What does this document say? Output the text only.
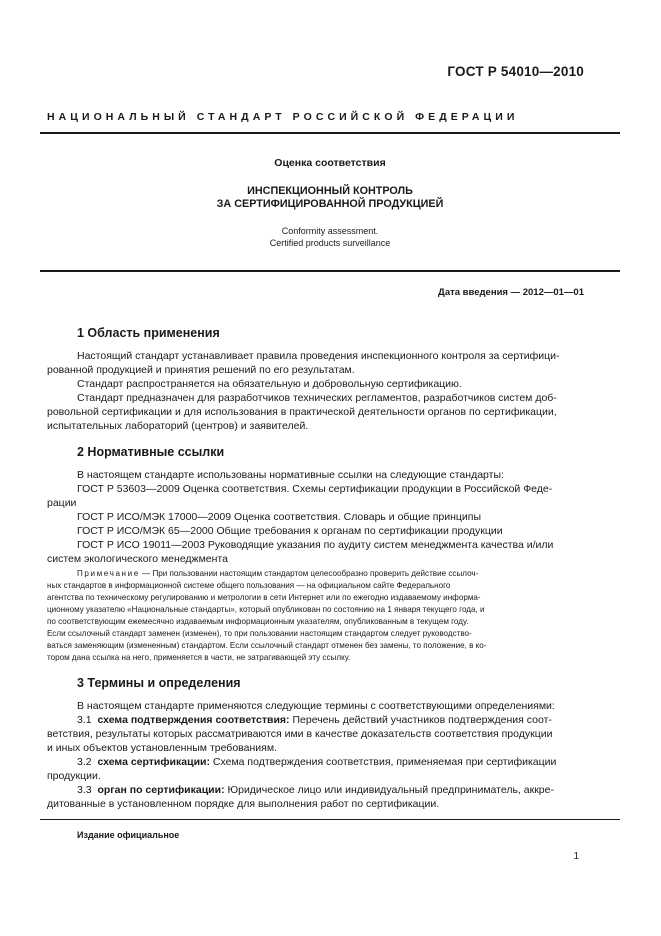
ГОСТ Р 54010—2010
НАЦИОНАЛЬНЫЙ СТАНДАРТ РОССИЙСКОЙ ФЕДЕРАЦИИ
Оценка соответствия
ИНСПЕКЦИОННЫЙ КОНТРОЛЬ
ЗА СЕРТИФИЦИРОВАННОЙ ПРОДУКЦИЕЙ
Conformity assessment.
Certified products surveillance
Дата введения — 2012—01—01
1 Область применения
Настоящий стандарт устанавливает правила проведения инспекционного контроля за сертифици-
рованной продукцией и принятия решений по его результатам.
Стандарт распространяется на обязательную и добровольную сертификацию.
Стандарт предназначен для разработчиков технических регламентов, разработчиков систем доб-
ровольной сертификации и для использования в практической деятельности органов по сертификации,
испытательных лабораторий (центров) и заявителей.
2 Нормативные ссылки
В настоящем стандарте использованы нормативные ссылки на следующие стандарты:
ГОСТ Р 53603—2009 Оценка соответствия. Схемы сертификации продукции в Российской Феде-
рации
ГОСТ Р ИСО/МЭК 17000—2009 Оценка соответствия. Словарь и общие принципы
ГОСТ Р ИСО/МЭК 65—2000 Общие требования к органам по сертификации продукции
ГОСТ Р ИСО 19011—2003 Руководящие указания по аудиту систем менеджмента качества и/или
систем экологического менеджмента
Примечание — При пользовании настоящим стандартом целесообразно проверить действие ссылоч-
ных стандартов в информационной системе общего пользования — на официальном сайте Федерального
агентства по техническому регулированию и метрологии в сети Интернет или по ежегодно издаваемому информа-
ционному указателю «Национальные стандарты», который опубликован по состоянию на 1 января текущего года, и
по соответствующим ежемесячно издаваемым информационным указателям, опубликованным в текущем году.
Если ссылочный стандарт заменен (изменен), то при пользовании настоящим стандартом следует руководство-
ваться заменяющим (измененным) стандартом. Если ссылочный стандарт отменен без замены, то положение, в ко-
тором дана ссылка на него, применяется в части, не затрагивающей эту ссылку.
3 Термины и определения
В настоящем стандарте применяются следующие термины с соответствующими определениями:
3.1 схема подтверждения соответствия: Перечень действий участников подтверждения соот-
ветствия, результаты которых рассматриваются ими в качестве доказательств соответствия продукции
и иных объектов установленным требованиям.
3.2 схема сертификации: Схема подтверждения соответствия, применяемая при сертификации
продукции.
3.3 орган по сертификации: Юридическое лицо или индивидуальный предприниматель, аккре-
дитованные в установленном порядке для выполнения работ по сертификации.
Издание официальное
1
